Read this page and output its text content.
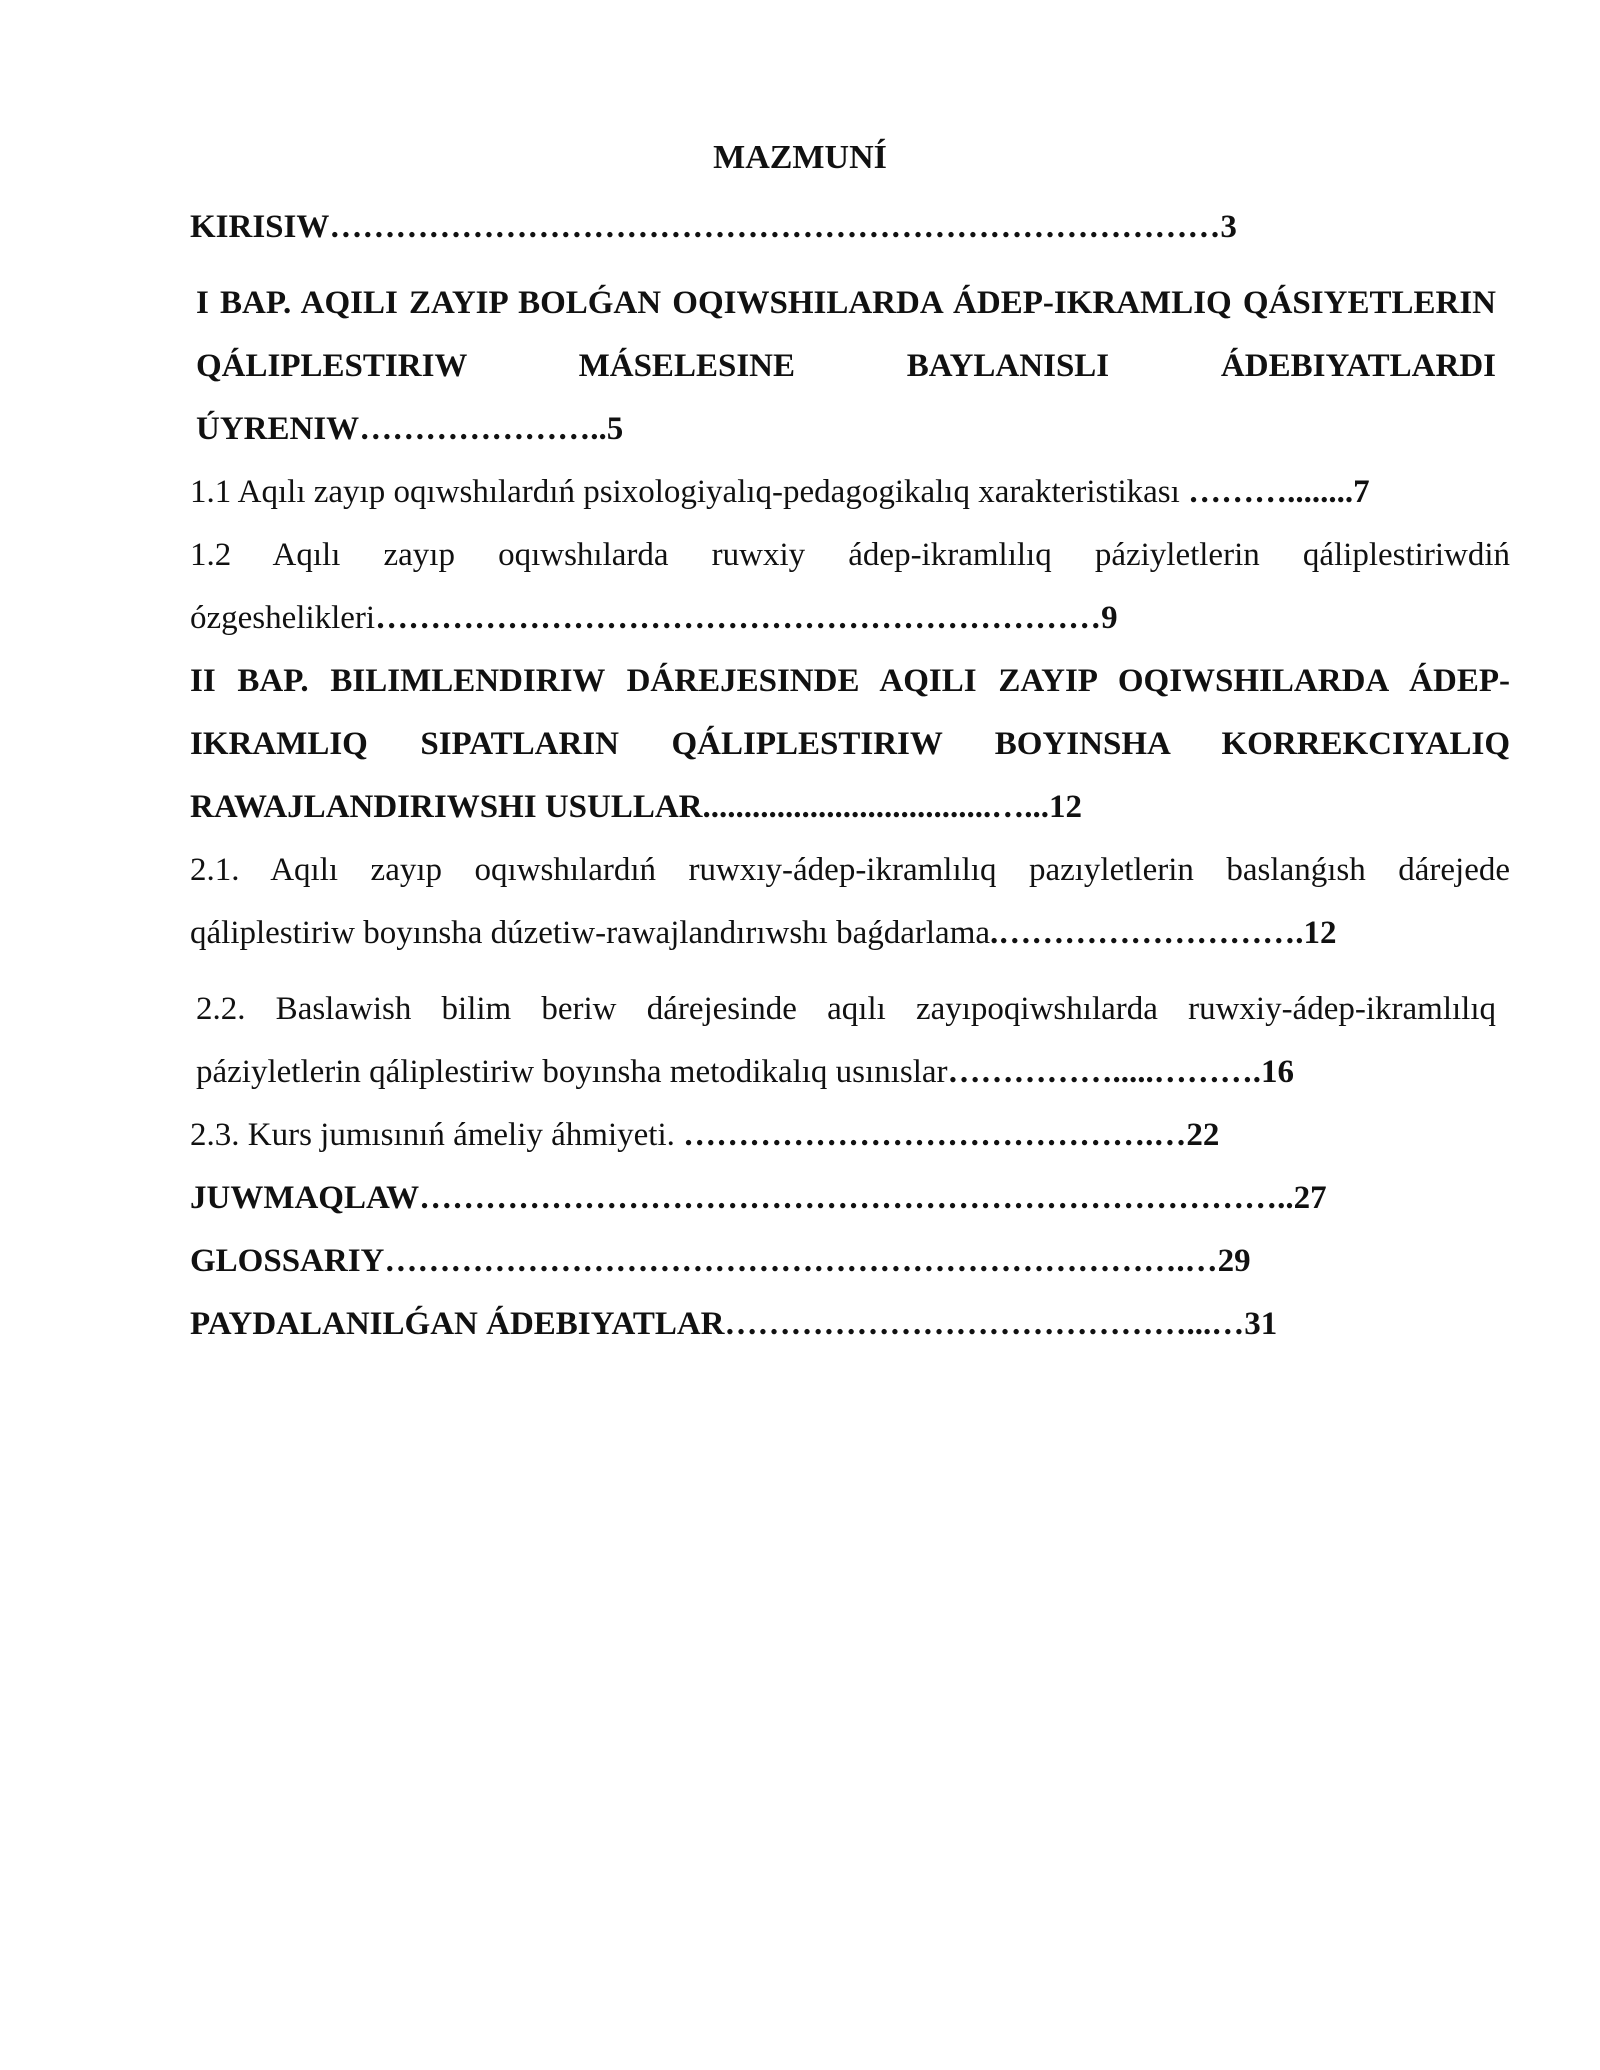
MAZMUNÍ

KIRISIW………………………………………………………………………3

I BAP. AQILI ZAYIP BOLǴAN OQIWSHILARDA ÁDEP-IKRAMLIQ QÁSIYETLERIN QÁLIPLESTIRIW MÁSELESINE BAYLANISLI ÁDEBIYATLARDI ÚYRENIW…………………..5

1.1 Aqılı zayıp oqıwshılardıń psixologiyalıq-pedagogikalıq xarakteristikası ………........7

1.2 Aqılı zayıp oqıwshılarda ruwxiy ádep-ikramlılıq páziyletlerin qáliplestiriwdiń ózgeshelikleri…………………………………………………………9

II BAP. BILIMLENDIRIW DÁREJESINDE AQILI ZAYIP OQIWSHILARDA ÁDEP-IKRAMLIQ SIPATLARIN QÁLIPLESTIRIW BOYINSHA KORREKCIYALIQ RAWAJLANDIRIWSHI USULLAR...................................…...12

2.1. Aqılı zayıp oqıwshılardıń ruwxıy-ádep-ikramlılıq pazıyletlerin baslanǵısh dárejede qáliplestiriw boyınsha dúzetiw-rawajlandırıwshı baǵdarlama.……………………….12

2.2. Baslawish bilim beriw dárejesinde aqılı zayıpoqiwshılarda ruwxiy-ádep-ikramlılıq páziyletlerin qáliplestiriw boyınsha metodikalıq usınıslar…………….....……….16

2.3. Kurs jumısınıń ámeliy áhmiyeti. …………………………………….…22

JUWMAQLAW……………………………………………………………………..27

GLOSSARIY……………………………………………………………….…29

PAYDALANILǴAN ÁDEBIYATLAR……………………………………...…31
